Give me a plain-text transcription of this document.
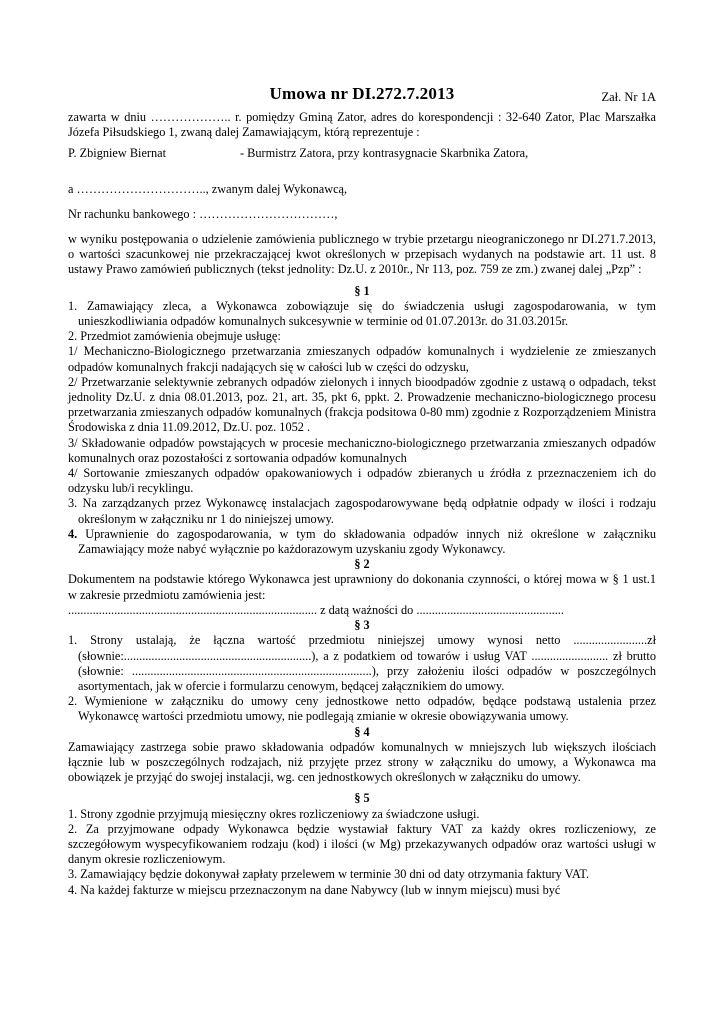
Umowa nr DI.272.7.2013	Zał. Nr 1A

zawarta w dniu ……………….. r. pomiędzy Gminą Zator, adres do korespondencji : 32-640 Zator, Plac Marszałka Józefa Piłsudskiego 1, zwaną dalej Zamawiającym, którą reprezentuje :

P. Zbigniew Biernat	- Burmistrz Zatora, przy kontrasygnacie Skarbnika Zatora,

a ………………………….., zwanym dalej Wykonawcą,

Nr rachunku bankowego : ……………………………,

w wyniku postępowania o udzielenie zamówienia publicznego w trybie przetargu nieograniczonego nr DI.271.7.2013, o wartości szacunkowej nie przekraczającej kwot określonych w przepisach wydanych na podstawie art. 11 ust. 8 ustawy Prawo zamówień publicznych (tekst jednolity: Dz.U. z 2010r., Nr 113, poz. 759 ze zm.) zwanej dalej „Pzp” :

§ 1

1. Zamawiający zleca, a Wykonawca zobowiązuje się do świadczenia usługi zagospodarowania, w tym unieszkodliwiania odpadów komunalnych sukcesywnie w terminie od 01.07.2013r. do 31.03.2015r.

2. Przedmiot zamówienia obejmuje usługę:

1/ Mechaniczno-Biologicznego przetwarzania zmieszanych odpadów komunalnych i wydzielenie ze zmieszanych odpadów komunalnych frakcji nadających się w całości lub w części do odzysku,

2/ Przetwarzanie selektywnie zebranych odpadów zielonych i innych bioodpadów zgodnie z ustawą o odpadach, tekst jednolity Dz.U. z dnia 08.01.2013, poz. 21, art. 35, pkt 6, ppkt. 2. Prowadzenie mechaniczno-biologicznego procesu przetwarzania zmieszanych odpadów komunalnych (frakcja podsitowa 0-80 mm) zgodnie z Rozporządzeniem Ministra Środowiska z dnia 11.09.2012, Dz.U. poz. 1052 .

3/ Składowanie odpadów powstających w procesie mechaniczno-biologicznego przetwarzania zmieszanych odpadów komunalnych oraz pozostałości z sortowania odpadów komunalnych

4/ Sortowanie zmieszanych odpadów opakowaniowych i odpadów zbieranych u źródła z przeznaczeniem ich do odzysku lub/i recyklingu.

3. Na zarządzanych przez Wykonawcę instalacjach zagospodarowywane będą odpłatnie odpady w ilości i rodzaju określonym w załączniku nr 1 do niniejszej umowy.

4. Uprawnienie do zagospodarowania, w tym do składowania odpadów innych niż określone w załączniku Zamawiający może nabyć wyłącznie po każdorazowym uzyskaniu zgody Wykonawcy.

§ 2

Dokumentem na podstawie którego Wykonawca jest uprawniony do dokonania czynności, o której mowa w § 1 ust.1 w zakresie przedmiotu zamówienia jest:

................................................................................. z datą ważności do ................................................

§ 3

1. Strony ustalają, że łączna wartość przedmiotu niniejszej umowy wynosi netto ........................zł (słownie:.............................................................), a z podatkiem od towarów i usług VAT ......................... zł brutto (słownie: ..............................................................................), przy założeniu ilości odpadów w poszczególnych asortymentach, jak w ofercie i formularzu cenowym, będącej załącznikiem do umowy.

2. Wymienione w załączniku do umowy ceny jednostkowe netto odpadów, będące podstawą ustalenia przez Wykonawcę wartości przedmiotu umowy, nie podlegają zmianie w okresie obowiązywania umowy.

§ 4

Zamawiający zastrzega sobie prawo składowania odpadów komunalnych w mniejszych lub większych ilościach łącznie lub w poszczególnych rodzajach, niż przyjęte przez strony w załączniku do umowy, a Wykonawca ma obowiązek je przyjąć do swojej instalacji, wg. cen jednostkowych określonych w załączniku do umowy.

§ 5

1. Strony zgodnie przyjmują miesięczny okres rozliczeniowy za świadczone usługi.

2. Za przyjmowane odpady Wykonawca będzie wystawiał faktury VAT za każdy okres rozliczeniowy, ze szczegółowym wyspecyfikowaniem rodzaju (kod) i ilości (w Mg) przekazywanych odpadów oraz wartości usługi w danym okresie rozliczeniowym.

3. Zamawiający będzie dokonywał zapłaty przelewem w terminie 30 dni od daty otrzymania faktury VAT.

4. Na każdej fakturze w miejscu przeznaczonym na dane Nabywcy (lub w innym miejscu) musi być
